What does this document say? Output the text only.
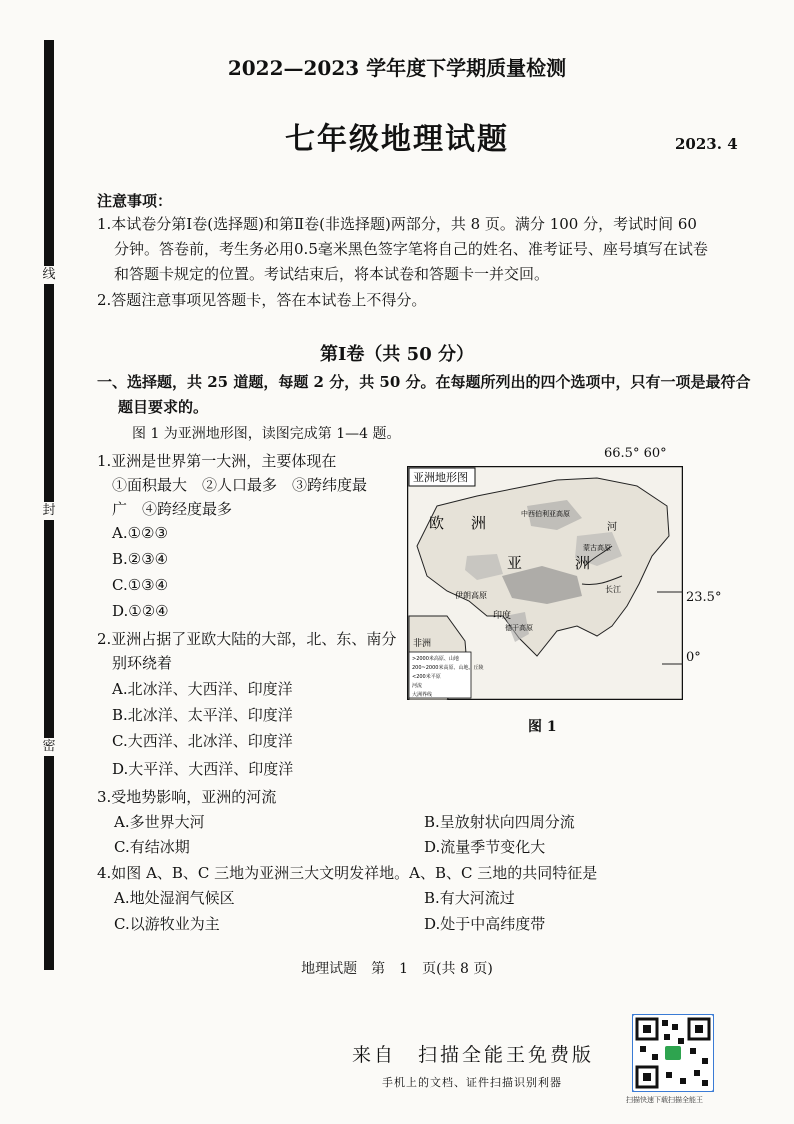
线
封
密
2022—2023 学年度下学期质量检测
七年级地理试题	2023. 4
注意事项：
1.本试卷分第Ⅰ卷(选择题)和第Ⅱ卷(非选择题)两部分，共 8 页。满分 100 分，考试时间 60
分钟。答卷前，考生务必用0.5毫米黑色签字笔将自己的姓名、准考证号、座号填写在试卷
和答题卡规定的位置。考试结束后，将本试卷和答题卡一并交回。
2.答题注意事项见答题卡，答在本试卷上不得分。
第Ⅰ卷（共 50 分）
一、选择题，共 25 道题，每题 2 分，共 50 分。在每题所列出的四个选项中，只有一项是最符合
题目要求的。
图 1 为亚洲地形图，读图完成第 1—4 题。
1.亚洲是世界第一大洲，主要体现在
①面积最大　②人口最多　③跨纬度最
广　④跨经度最多
A.①②③
B.②③④
C.①③④
D.①②④
2.亚洲占据了亚欧大陆的大部，北、东、南分
别环绕着
A.北冰洋、大西洋、印度洋
B.北冰洋、太平洋、印度洋
C.大西洋、北冰洋、印度洋
D.大平洋、大西洋、印度洋
3.受地势影响，亚洲的河流
A.多世界大河	B.呈放射状向四周分流
C.有结冰期	D.流量季节变化大
4.如图 A、B、C 三地为亚洲三大文明发祥地。A、B、C 三地的共同特征是
A.地处湿润气候区	B.有大河流过
C.以游牧业为主	D.处于中高纬度带
66.5° 60°
23.5°
0°
亚洲地形图
欧 洲
亚	洲
非洲
伊朗高原
印度
德干高原
中西伯利亚高原
蒙古高原
长江
河
>2000米高原、山地
200~2000米高原、山地、丘陵
<200米平原
河流
大洲界线
图 1
地理试题　第　1　页(共 8 页)
来自　扫描全能王免费版
手机上的文档、证件扫描识别利器
扫描快速下载扫描全能王
